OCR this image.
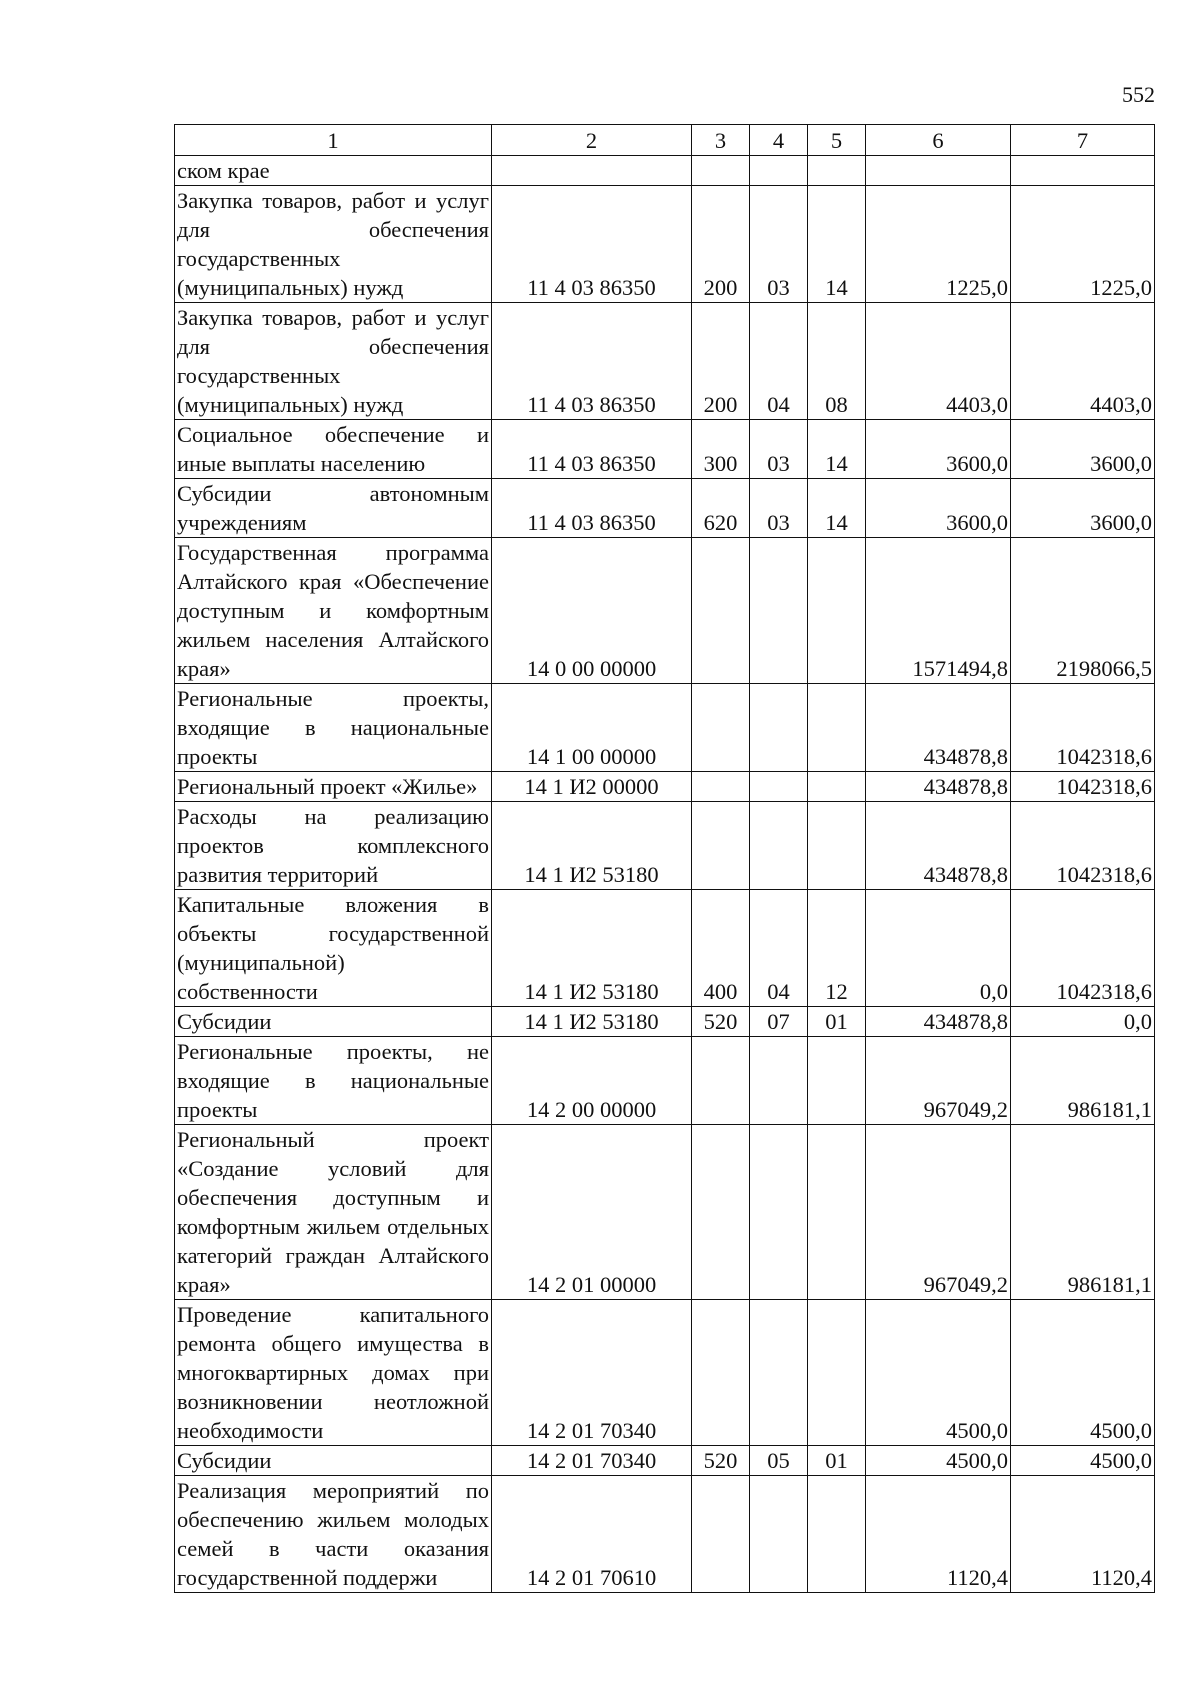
552
1	2	3	4	5	6	7
ском крае						
Закупка товаров, работ и услуг для обеспечения государственных (муниципальных) нужд	11 4 03 86350	200	03	14	1225,0	1225,0
Закупка товаров, работ и услуг для обеспечения государственных (муниципальных) нужд	11 4 03 86350	200	04	08	4403,0	4403,0
Социальное обеспечение и иные выплаты населению	11 4 03 86350	300	03	14	3600,0	3600,0
Субсидии автономным учреждениям	11 4 03 86350	620	03	14	3600,0	3600,0
Государственная программа Алтайского края «Обеспечение доступным и комфортным жильем населения Алтайского края»	14 0 00 00000				1571494,8	2198066,5
Региональные проекты, входящие в национальные проекты	14 1 00 00000				434878,8	1042318,6
Региональный проект «Жилье»	14 1 И2 00000				434878,8	1042318,6
Расходы на реализацию проектов комплексного развития территорий	14 1 И2 53180				434878,8	1042318,6
Капитальные вложения в объекты государственной (муниципальной) собственности	14 1 И2 53180	400	04	12	0,0	1042318,6
Субсидии	14 1 И2 53180	520	07	01	434878,8	0,0
Региональные проекты, не входящие в национальные проекты	14 2 00 00000				967049,2	986181,1
Региональный проект «Создание условий для обеспечения доступным и комфортным жильем отдельных категорий граждан Алтайского края»	14 2 01 00000				967049,2	986181,1
Проведение капитального ремонта общего имущества в многоквартирных домах при возникновении неотложной необходимости	14 2 01 70340				4500,0	4500,0
Субсидии	14 2 01 70340	520	05	01	4500,0	4500,0
Реализация мероприятий по обеспечению жильем молодых семей в части оказания государственной поддержи	14 2 01 70610				1120,4	1120,4
